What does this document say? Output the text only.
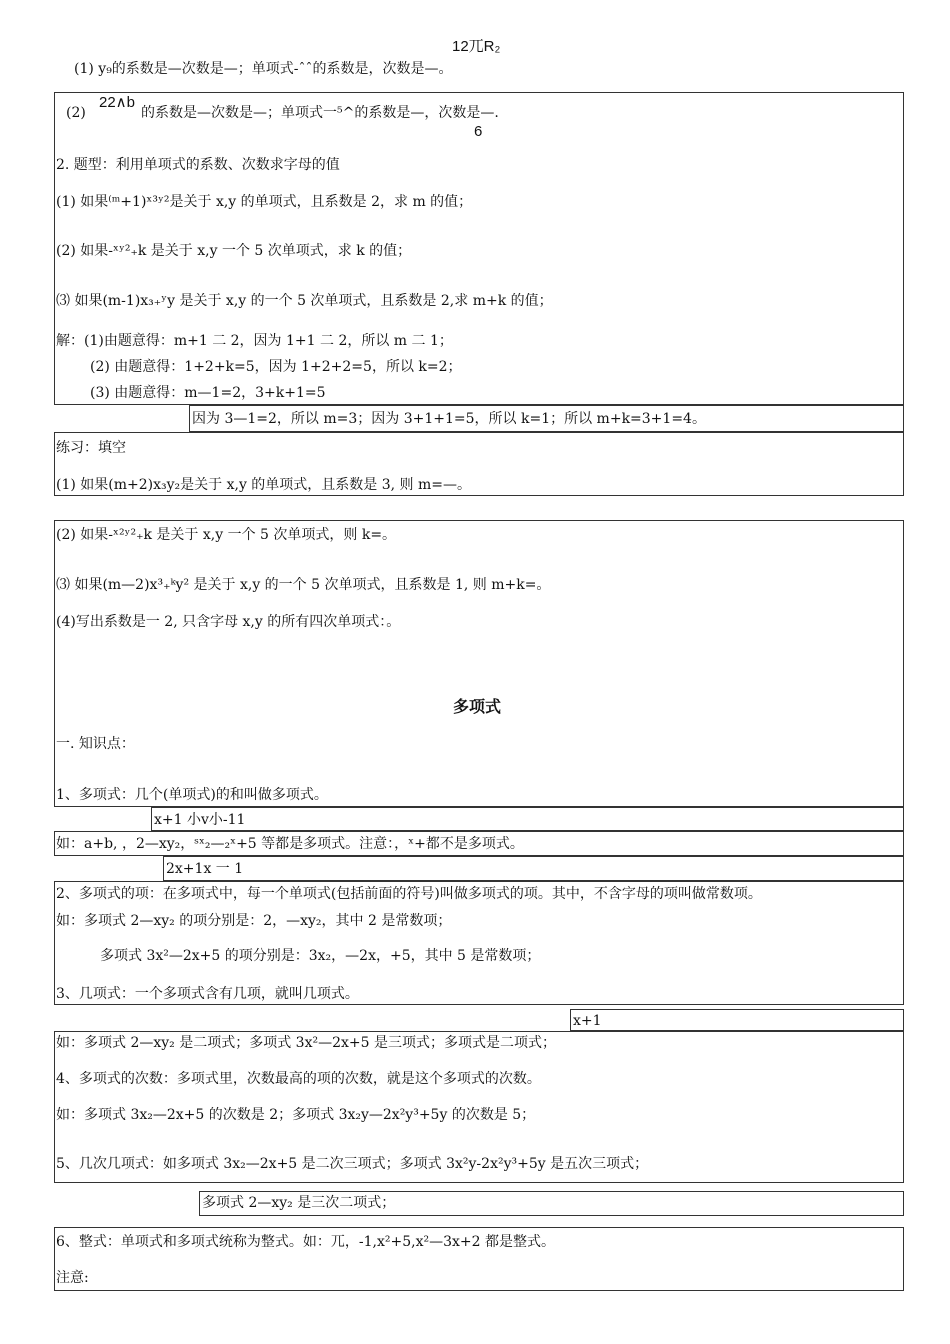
12兀R₂
(1) y₉的系数是—次数是—；单项式-ˆˆ的系数是，次数是—。
(2)
22∧b
的系数是—次数是—；单项式一⁵^的系数是—，次数是—.
6
2. 题型：利用单项式的系数、次数求字母的值
(1) 如果⁽ᵐ+1)ˣ³ʸ²是关于 x,y 的单项式，且系数是 2，求 m 的值；
(2) 如果-ˣʸ²₊k 是关于 x,y 一个 5 次单项式，求 k 的值；
⑶ 如果(m-1)x₃₊ʸy 是关于 x,y 的一个 5 次单项式，且系数是 2,求 m+k 的值；
解：(1)由题意得：m+1 二 2，因为 1+1 二 2，所以 m 二 1；
(2) 由题意得：1+2+k=5，因为 1+2+2=5，所以 k=2；
(3) 由题意得：m—1=2，3+k+1=5
因为 3—1=2，所以 m=3；因为 3+1+1=5，所以 k=1；所以 m+k=3+1=4。
练习：填空
(1) 如果(m+2)x₃y₂是关于 x,y 的单项式，且系数是 3, 则 m=—。
(2) 如果-ˣ²ʸ²₊k 是关于 x,y 一个 5 次单项式，则 k=。
⑶ 如果(m—2)x³₊ᵏy² 是关于 x,y 的一个 5 次单项式，且系数是 1, 则 m+k=。
(4)写出系数是一 2, 只含字母 x,y 的所有四次单项式：。
多项式
一. 知识点：
1、多项式：几个(单项式)的和叫做多项式。
x+1 小v小-11
如：a+b, ，2—xy₂，ˢˣ₂—₂ˣ+5 等都是多项式。注意：，ˣ+都不是多项式。
2x+1x 一 1
2、多项式的项：在多项式中，每一个单项式(包括前面的符号)叫做多项式的项。其中，不含字母的项叫做常数项。
如：多项式 2—xy₂ 的项分别是：2，—xy₂，其中 2 是常数项；
多项式 3x²—2x+5 的项分别是：3x₂，—2x，+5，其中 5 是常数项；
3、几项式：一个多项式含有几项，就叫几项式。
x+1
如：多项式 2—xy₂ 是二项式；多项式 3x²—2x+5 是三项式；多项式是二项式；
4、多项式的次数：多项式里，次数最高的项的次数，就是这个多项式的次数。
如：多项式 3x₂—2x+5 的次数是 2；多项式 3x₂y—2x²y³+5y 的次数是 5；
5、几次几项式：如多项式 3x₂—2x+5 是二次三项式；多项式 3x²y-2x²y³+5y 是五次三项式；
多项式 2—xy₂ 是三次二项式；
6、整式：单项式和多项式统称为整式。如：兀，-1,x²+5,x²—3x+2 都是整式。
注意:
